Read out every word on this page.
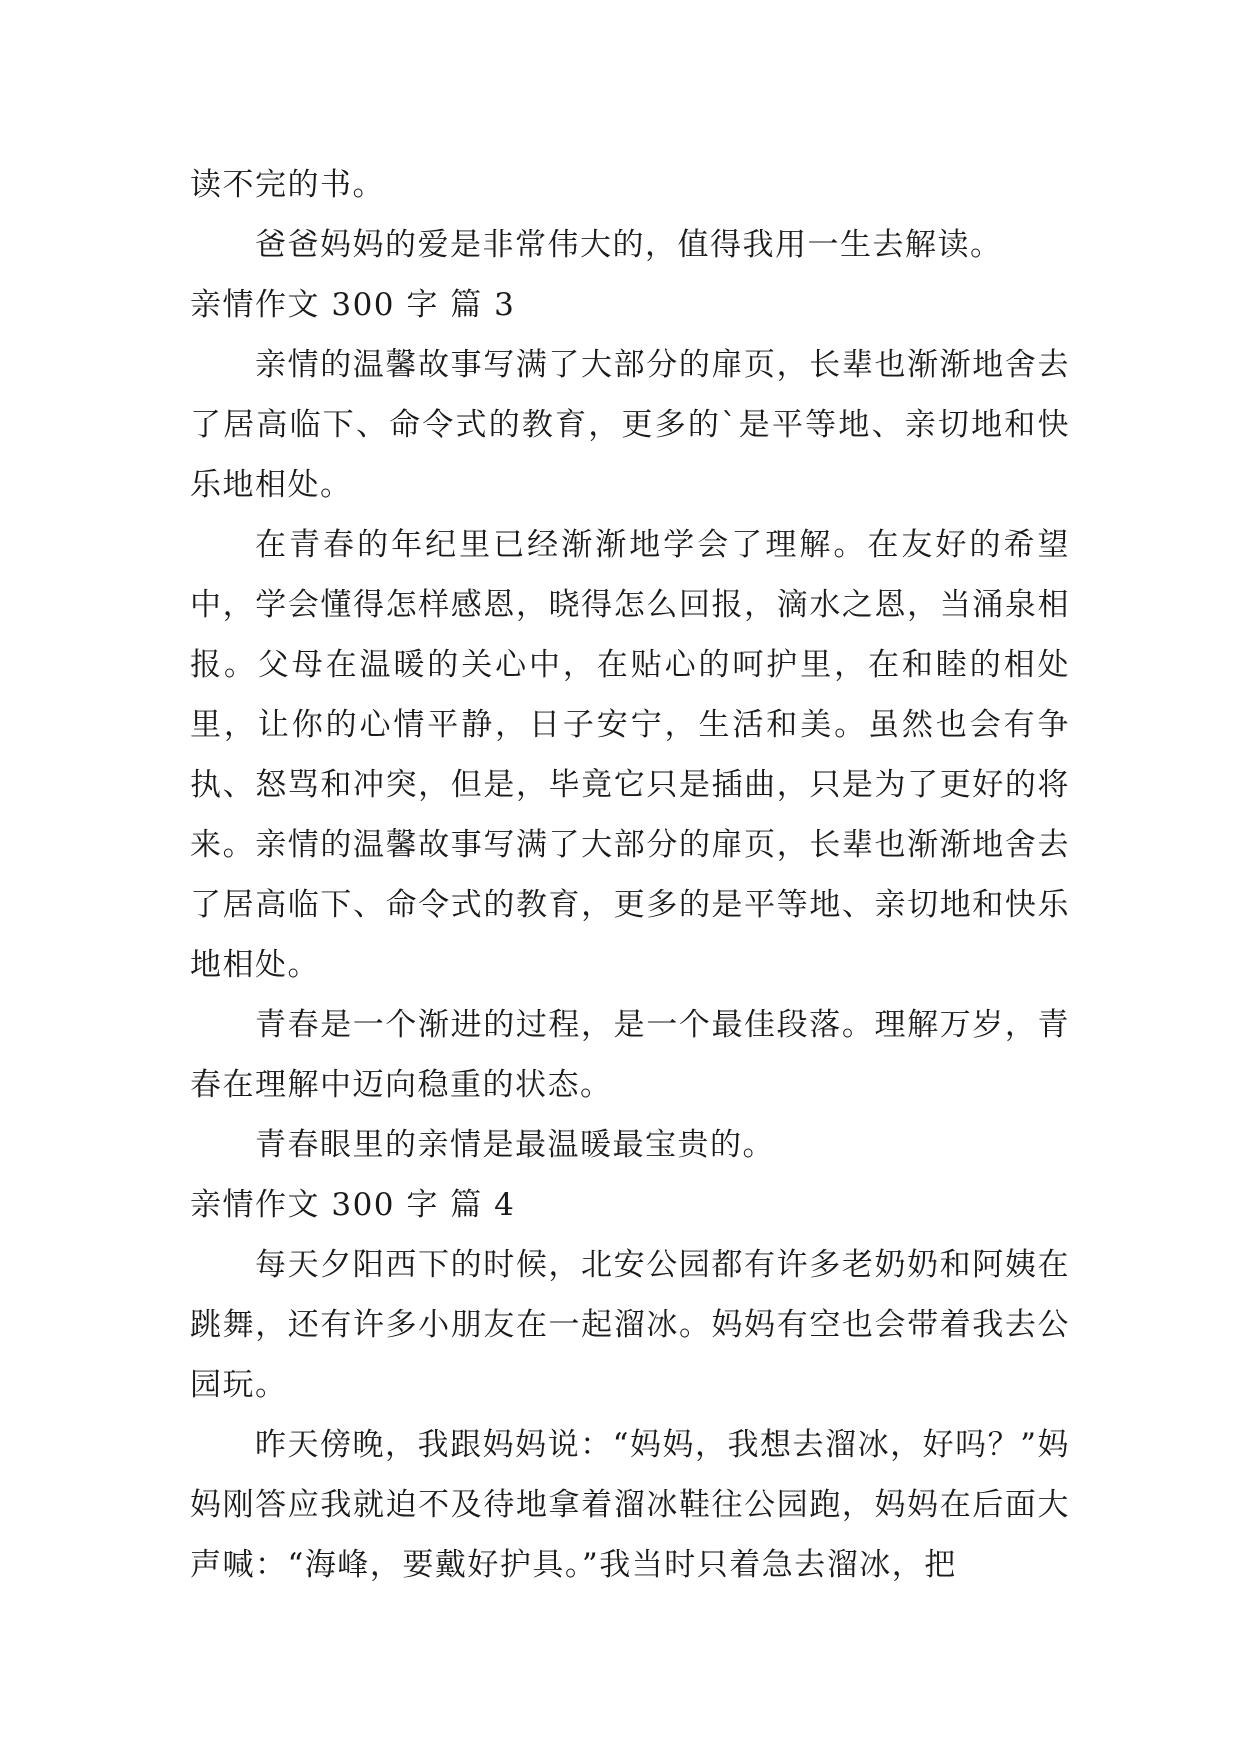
读不完的书。

爸爸妈妈的爱是非常伟大的，值得我用一生去解读。

亲情作文 300 字 篇 3

亲情的温馨故事写满了大部分的扉页，长辈也渐渐地舍去了居高临下、命令式的教育，更多的`是平等地、亲切地和快乐地相处。

在青春的年纪里已经渐渐地学会了理解。在友好的希望中，学会懂得怎样感恩，晓得怎么回报，滴水之恩，当涌泉相报。父母在温暖的关心中，在贴心的呵护里，在和睦的相处里，让你的心情平静，日子安宁，生活和美。虽然也会有争执、怒骂和冲突，但是，毕竟它只是插曲，只是为了更好的将来。亲情的温馨故事写满了大部分的扉页，长辈也渐渐地舍去了居高临下、命令式的教育，更多的是平等地、亲切地和快乐地相处。

青春是一个渐进的过程，是一个最佳段落。理解万岁，青春在理解中迈向稳重的状态。

青春眼里的亲情是最温暖最宝贵的。

亲情作文 300 字 篇 4

每天夕阳西下的时候，北安公园都有许多老奶奶和阿姨在跳舞，还有许多小朋友在一起溜冰。妈妈有空也会带着我去公园玩。

昨天傍晚，我跟妈妈说：“妈妈，我想去溜冰，好吗？”妈妈刚答应我就迫不及待地拿着溜冰鞋往公园跑，妈妈在后面大声喊：“海峰，要戴好护具。”我当时只着急去溜冰，把
